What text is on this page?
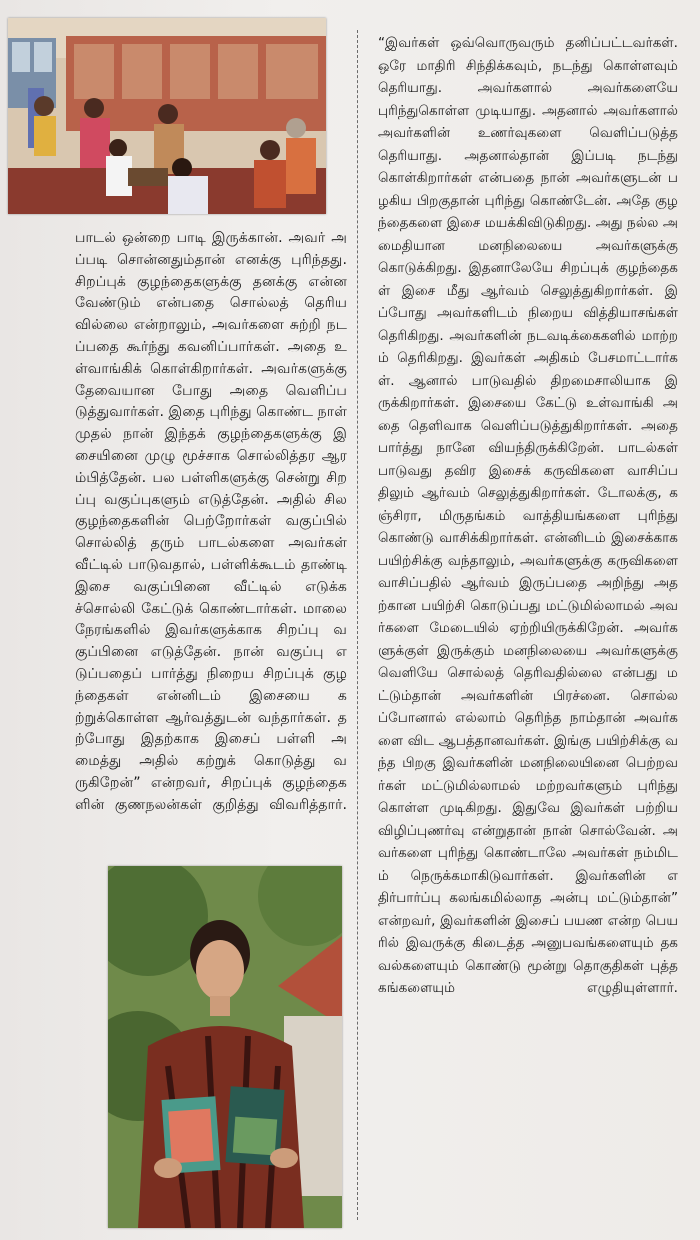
பாடல் ஒன்றை பாடி இருக்கான். அவர் அப்படி சொன்னதும்தான் எனக்கு புரிந்தது. சிறப்புக் குழந்தைகளுக்கு தனக்கு என்ன வேண்டும் என்பதை சொல்லத் தெரியவில்லை என்றாலும், அவர்களை சுற்றி நடப்பதை கூர்ந்து கவனிப்பார்கள். அதை உள்வாங்கிக் கொள்கிறார்கள். அவர்களுக்கு தேவையான போது அதை வெளிப்படுத்துவார்கள். இதை புரிந்து கொண்ட நாள் முதல் நான் இந்தக் குழந்தைகளுக்கு இசையினை முழு மூச்சாக சொல்லித்தர ஆரம்பித்தேன். பல பள்ளிகளுக்கு சென்று சிறப்பு வகுப்புகளும் எடுத்தேன். அதில் சில குழந்தைகளின் பெற்றோர்கள் வகுப்பில் சொல்லித் தரும் பாடல்களை அவர்கள் வீட்டில் பாடுவதால், பள்ளிக்கூடம் தாண்டி இசை வகுப்பினை வீட்டில் எடுக்கச்சொல்லி கேட்டுக் கொண்டார்கள். மாலை நேரங்களில் இவர்களுக்காக சிறப்பு வகுப்பினை எடுத்தேன். நான் வகுப்பு எடுப்பதைப் பார்த்து நிறைய சிறப்புக் குழந்தைகள் என்னிடம் இசையை கற்றுக்கொள்ள ஆர்வத்துடன் வந்தார்கள். தற்போது இதற்காக இசைப் பள்ளி அமைத்து அதில் கற்றுக் கொடுத்து வருகிறேன்” என்றவர், சிறப்புக் குழந்தைகளின் குணநலன்கள் குறித்து விவரித்தார்.

“இவர்கள் ஒவ்வொருவரும் தனிப்பட்டவர்கள். ஒரே மாதிரி சிந்திக்கவும், நடந்து கொள்ளவும் தெரியாது. அவர்களால் அவர்களையே புரிந்துகொள்ள முடியாது. அதனால் அவர்களால் அவர்களின் உணர்வுகளை வெளிப்படுத்த தெரியாது. அதனால்தான் இப்படி நடந்து கொள்கிறார்கள் என்பதை நான் அவர்களுடன் பழகிய பிறகுதான் புரிந்து கொண்டேன். அதே குழந்தைகளை இசை மயக்கிவிடுகிறது. அது நல்ல அமைதியான மனநிலையை அவர்களுக்கு கொடுக்கிறது. இதனாலேயே சிறப்புக் குழந்தைகள் இசை மீது ஆர்வம் செலுத்துகிறார்கள். இப்போது அவர்களிடம் நிறைய வித்தியாசங்கள் தெரிகிறது. அவர்களின் நடவடிக்கைகளில் மாற்றம் தெரிகிறது. இவர்கள் அதிகம் பேசமாட்டார்கள். ஆனால் பாடுவதில் திறமைசாலியாக இருக்கிறார்கள். இசையை கேட்டு உள்வாங்கி அதை தெளிவாக வெளிப்படுத்துகிறார்கள். அதை பார்த்து நானே வியந்திருக்கிறேன். பாடல்கள் பாடுவது தவிர இசைக் கருவிகளை வாசிப்பதிலும் ஆர்வம் செலுத்துகிறார்கள். டோலக்கு, கஞ்சிரா, மிருதங்கம் வாத்தியங்களை புரிந்து கொண்டு வாசிக்கிறார்கள். என்னிடம் இசைக்காக பயிற்சிக்கு வந்தாலும், அவர்களுக்கு கருவிகளை வாசிப்பதில் ஆர்வம் இருப்பதை அறிந்து அதற்கான பயிற்சி கொடுப்பது மட்டுமில்லாமல் அவர்களை மேடையில் ஏற்றியிருக்கிறேன். அவர்களுக்குள் இருக்கும் மனநிலையை அவர்களுக்கு வெளியே சொல்லத் தெரிவதில்லை என்பது மட்டும்தான் அவர்களின் பிரச்னை. சொல்லப்போனால் எல்லாம் தெரிந்த நாம்தான் அவர்களை விட ஆபத்தானவர்கள். இங்கு பயிற்சிக்கு வந்த பிறகு இவர்களின் மனநிலையினை பெற்றவர்கள் மட்டுமில்லாமல் மற்றவர்களும் புரிந்து கொள்ள முடிகிறது. இதுவே இவர்கள் பற்றிய விழிப்புணர்வு என்றுதான் நான் சொல்வேன். அவர்களை புரிந்து கொண்டாலே அவர்கள் நம்மிடம் நெருக்கமாகிடுவார்கள். இவர்களின் எதிர்பார்ப்பு கலங்கமில்லாத அன்பு மட்டும்தான்” என்றவர், இவர்களின் இசைப் பயண என்ற பெயரில் இவருக்கு கிடைத்த அனுபவங்களையும் தகவல்களையும் கொண்டு மூன்று தொகுதிகள் புத்தகங்களையும் எழுதியுள்ளார்.
